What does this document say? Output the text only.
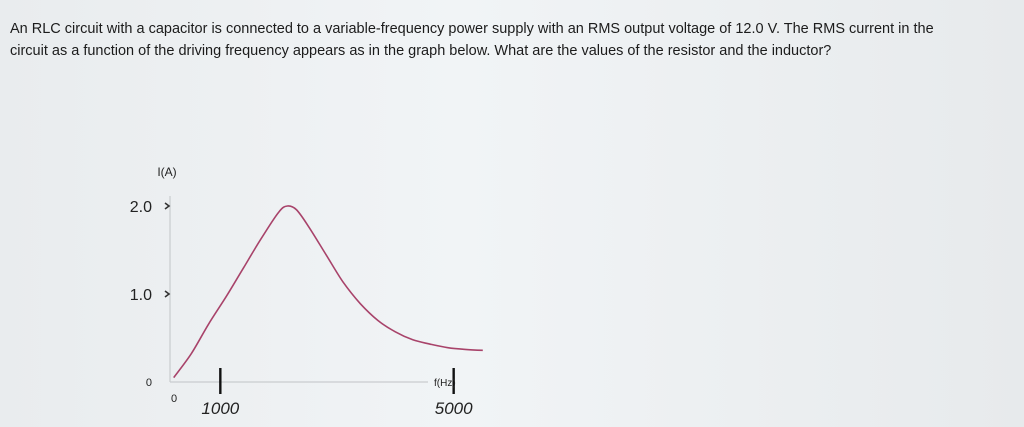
An RLC circuit with a capacitor is connected to a variable-frequency power supply with an RMS output voltage of 12.0 V. The RMS current in the

circuit as a function of the driving frequency appears as in the graph below. What are the values of the resistor and the inductor?

I(A)
0
1.0
2.0
0 1000	5000
f(Hz)
